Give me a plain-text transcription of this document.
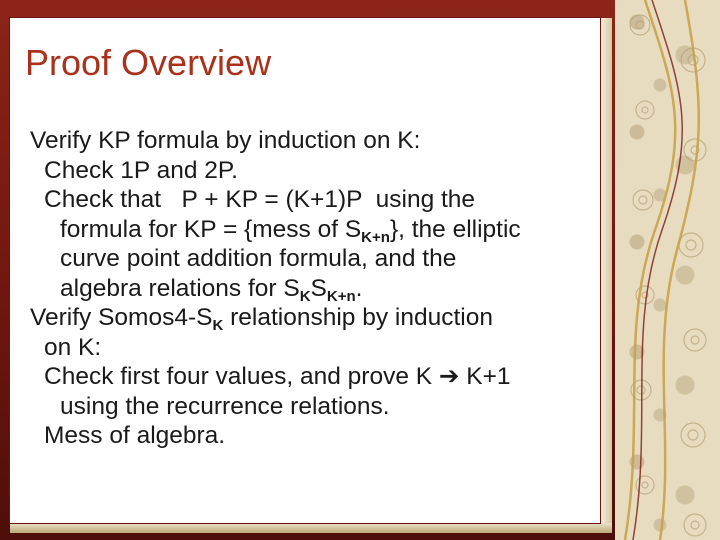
Proof Overview
Verify KP formula by induction on K:
Check 1P and 2P.
Check that   P + KP = (K+1)P  using the
formula for KP = {mess of $S_{K+n}$}, the elliptic
curve point addition formula, and the
algebra relations for $S_KS_{K+n}$.
Verify $Somos4-S_K$ relationship by induction
on K:
Check first four values, and prove K ➔ K+1
using the recurrence relations.
Mess of algebra.
